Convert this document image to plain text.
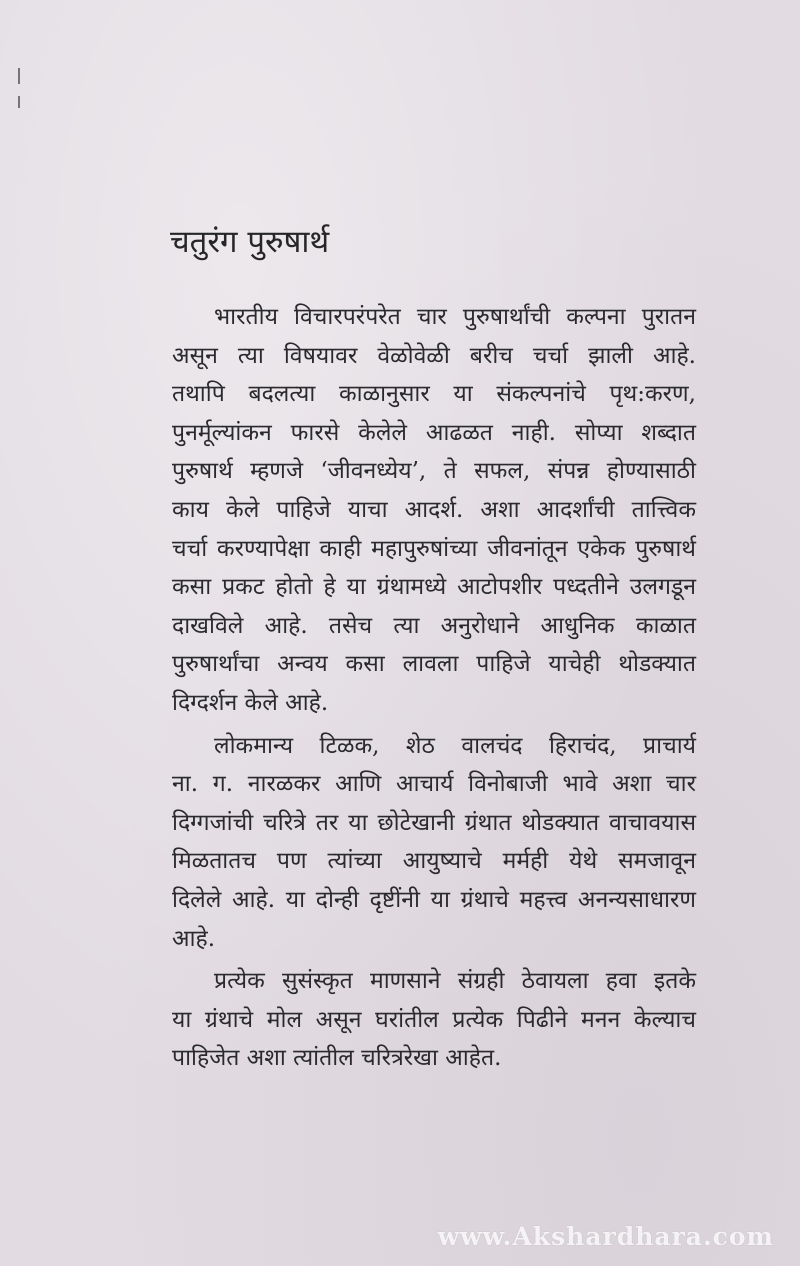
चतुरंग पुरुषार्थ
भारतीय विचारपरंपरेत चार पुरुषार्थांची कल्पना पुरातन
असून त्या विषयावर वेळोवेळी बरीच चर्चा झाली आहे.
तथापि बदलत्या काळानुसार या संकल्पनांचे पृथ:करण,
पुनर्मूल्यांकन फारसे केलेले आढळत नाही. सोप्या शब्दात
पुरुषार्थ म्हणजे ‘जीवनध्येय’, ते सफल, संपन्न होण्यासाठी
काय केले पाहिजे याचा आदर्श. अशा आदर्शांची तात्त्विक
चर्चा करण्यापेक्षा काही महापुरुषांच्या जीवनांतून एकेक पुरुषार्थ
कसा प्रकट होतो हे या ग्रंथामध्ये आटोपशीर पध्दतीने उलगडून
दाखविले आहे. तसेच त्या अनुरोधाने आधुनिक काळात
पुरुषार्थांचा अन्वय कसा लावला पाहिजे याचेही थोडक्यात
दिग्दर्शन केले आहे.
लोकमान्य टिळक, शेठ वालचंद हिराचंद, प्राचार्य
ना. ग. नारळकर आणि आचार्य विनोबाजी भावे अशा चार
दिग्गजांची चरित्रे तर या छोटेखानी ग्रंथात थोडक्यात वाचावयास
मिळतातच पण त्यांच्या आयुष्याचे मर्मही येथे समजावून
दिलेले आहे. या दोन्ही दृष्टींनी या ग्रंथाचे महत्त्व अनन्यसाधारण
आहे.
प्रत्येक सुसंस्कृत माणसाने संग्रही ठेवायला हवा इतके
या ग्रंथाचे मोल असून घरांतील प्रत्येक पिढीने मनन केल्याच
पाहिजेत अशा त्यांतील चरित्ररेखा आहेत.
www.Akshardhara.com
